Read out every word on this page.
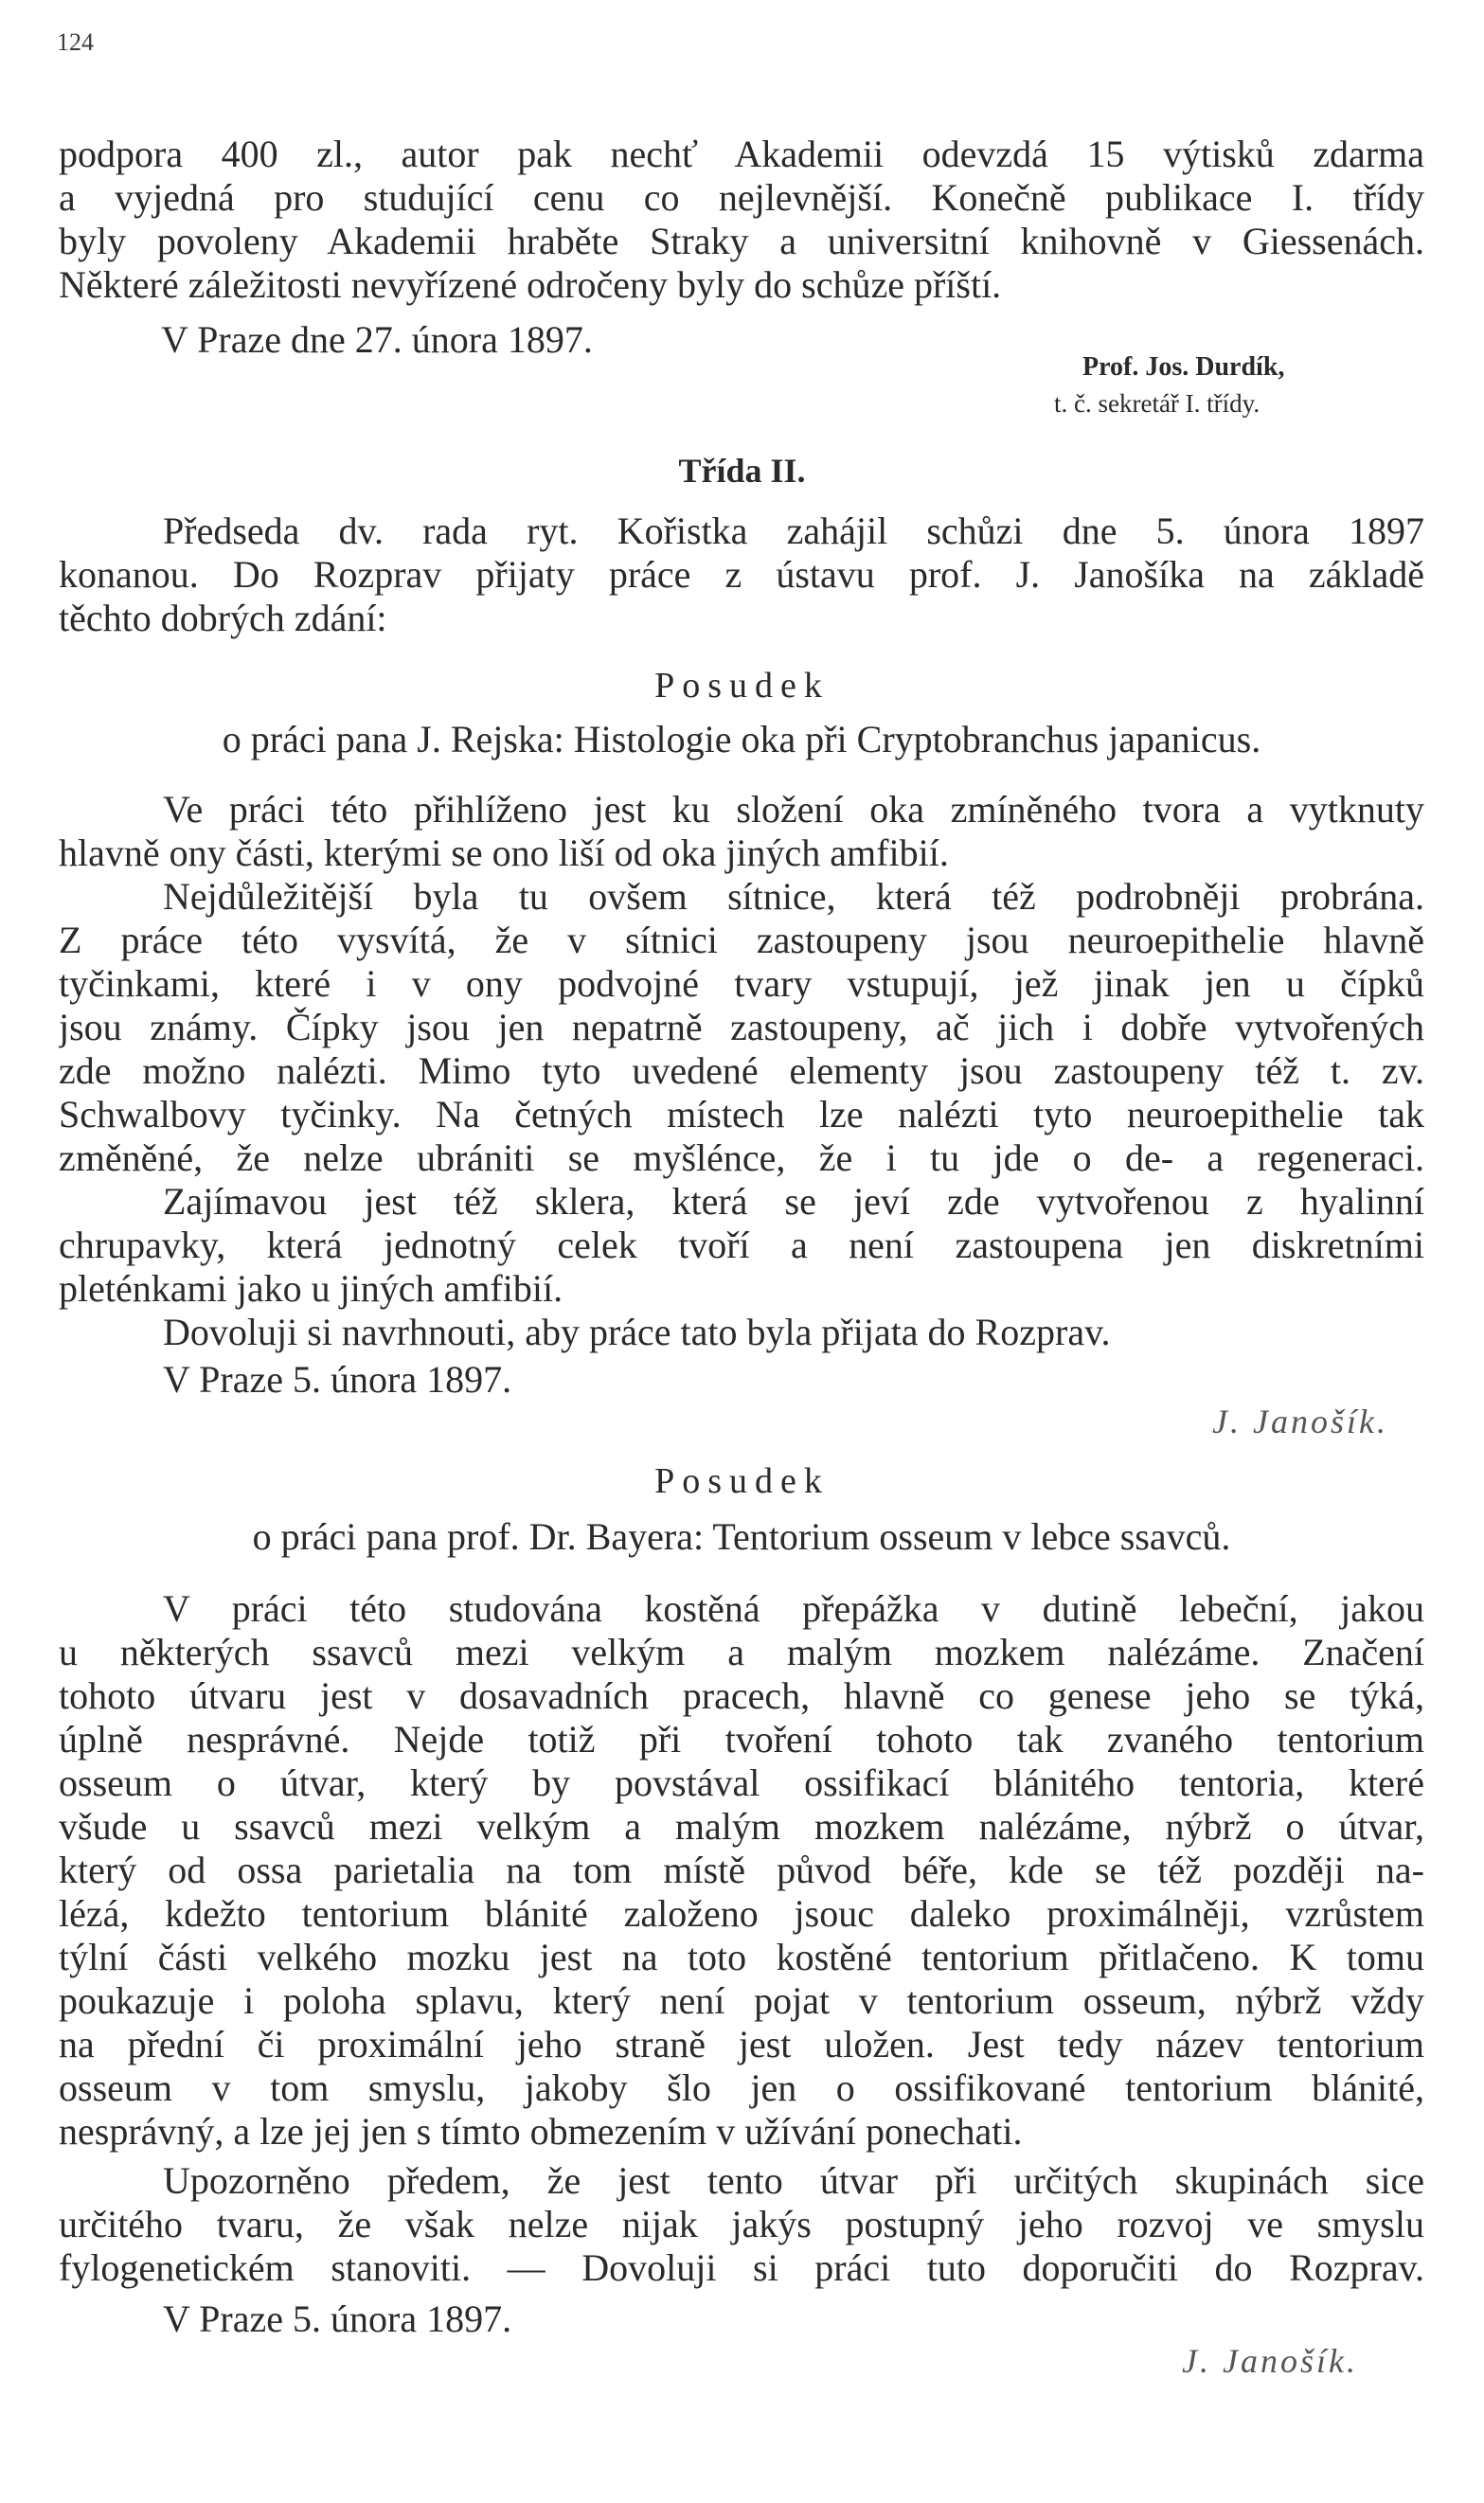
124
podpora 400 zl., autor pak nechť Akademii odevzdá 15 výtisků zdarma
a vyjedná pro studující cenu co nejlevnější. Konečně publikace I. třídy
byly povoleny Akademii hraběte Straky a universitní knihovně v Giessenách.
Některé záležitosti nevyřízené odročeny byly do schůze příští.
V Praze dne 27. února 1897.
Prof. Jos. Durdík,
t. č. sekretář I. třídy.
Třída II.
Předseda dv. rada ryt. Kořistka zahájil schůzi dne 5. února 1897
konanou. Do Rozprav přijaty práce z ústavu prof. J. Janošíka na základě
těchto dobrých zdání:
Posudek
o práci pana J. Rejska: Histologie oka při Cryptobranchus japanicus.
Ve práci této přihlíženo jest ku složení oka zmíněného tvora a vytknuty
hlavně ony části, kterými se ono liší od oka jiných amfibií.
Nejdůležitější byla tu ovšem sítnice, která též podrobněji probrána.
Z práce této vysvítá, že v sítnici zastoupeny jsou neuroepithelie hlavně
tyčinkami, které i v ony podvojné tvary vstupují, jež jinak jen u čípků
jsou známy. Čípky jsou jen nepatrně zastoupeny, ač jich i dobře vytvořených
zde možno nalézti. Mimo tyto uvedené elementy jsou zastoupeny též t. zv.
Schwalbovy tyčinky. Na četných místech lze nalézti tyto neuroepithelie tak
změněné, že nelze ubrániti se myšlénce, že i tu jde o de- a regeneraci.
Zajímavou jest též sklera, která se jeví zde vytvořenou z hyalinní
chrupavky, která jednotný celek tvoří a není zastoupena jen diskretními
pleténkami jako u jiných amfibií.
Dovoluji si navrhnouti, aby práce tato byla přijata do Rozprav.
V Praze 5. února 1897.
J. Janošík.
Posudek
o práci pana prof. Dr. Bayera: Tentorium osseum v lebce ssavců.
V práci této studována kostěná přepážka v dutině lebeční, jakou
u některých ssavců mezi velkým a malým mozkem nalézáme. Značení
tohoto útvaru jest v dosavadních pracech, hlavně co genese jeho se týká,
úplně nesprávné. Nejde totiž při tvoření tohoto tak zvaného tentorium
osseum o útvar, který by povstával ossifikací blánitého tentoria, které
všude u ssavců mezi velkým a malým mozkem nalézáme, nýbrž o útvar,
který od ossa parietalia na tom místě původ béře, kde se též později na-
lézá, kdežto tentorium blánité založeno jsouc daleko proximálněji, vzrůstem
týlní části velkého mozku jest na toto kostěné tentorium přitlačeno. K tomu
poukazuje i poloha splavu, který není pojat v tentorium osseum, nýbrž vždy
na přední či proximální jeho straně jest uložen. Jest tedy název tentorium
osseum v tom smyslu, jakoby šlo jen o ossifikované tentorium blánité,
nesprávný, a lze jej jen s tímto obmezením v užívání ponechati.
Upozorněno předem, že jest tento útvar při určitých skupinách sice
určitého tvaru, že však nelze nijak jakýs postupný jeho rozvoj ve smyslu
fylogenetickém stanoviti. — Dovoluji si práci tuto doporučiti do Rozprav.
V Praze 5. února 1897.
J. Janošík.
